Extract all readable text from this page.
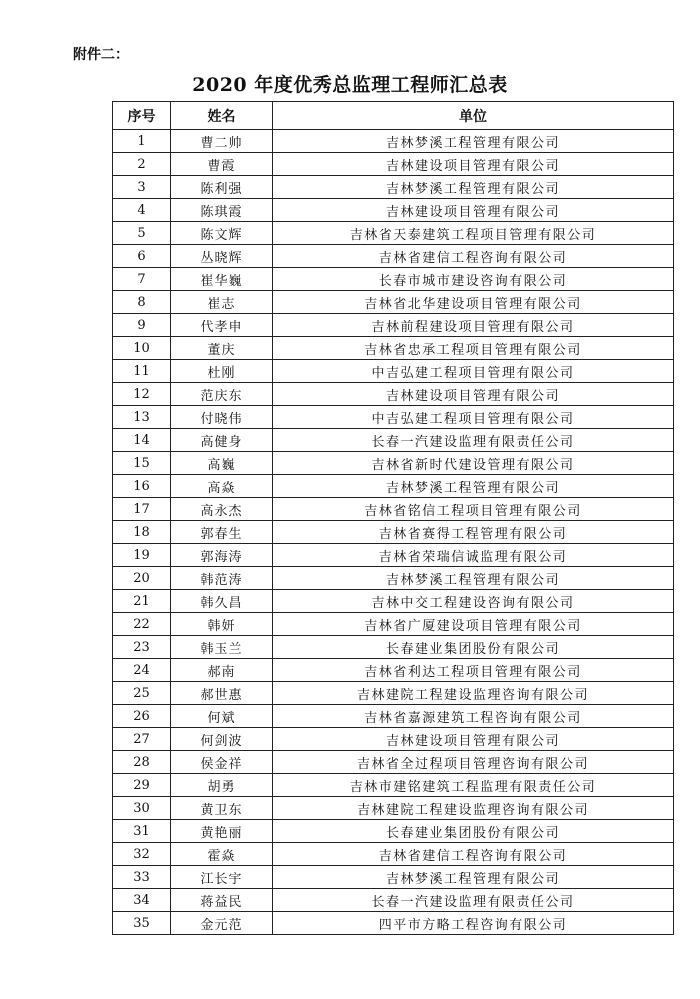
附件二：
2020 年度优秀总监理工程师汇总表
序号	姓名	单位
1	曹二帅	吉林梦溪工程管理有限公司
2	曹霞	吉林建设项目管理有限公司
3	陈利强	吉林梦溪工程管理有限公司
4	陈琪霞	吉林建设项目管理有限公司
5	陈文辉	吉林省天泰建筑工程项目管理有限公司
6	丛晓辉	吉林省建信工程咨询有限公司
7	崔华巍	长春市城市建设咨询有限公司
8	崔志	吉林省北华建设项目管理有限公司
9	代孝申	吉林前程建设项目管理有限公司
10	董庆	吉林省忠承工程项目管理有限公司
11	杜刚	中吉弘建工程项目管理有限公司
12	范庆东	吉林建设项目管理有限公司
13	付晓伟	中吉弘建工程项目管理有限公司
14	高健身	长春一汽建设监理有限责任公司
15	高巍	吉林省新时代建设管理有限公司
16	高焱	吉林梦溪工程管理有限公司
17	高永杰	吉林省铭信工程项目管理有限公司
18	郭春生	吉林省赛得工程管理有限公司
19	郭海涛	吉林省荣瑞信诚监理有限公司
20	韩范涛	吉林梦溪工程管理有限公司
21	韩久昌	吉林中交工程建设咨询有限公司
22	韩妍	吉林省广厦建设项目管理有限公司
23	韩玉兰	长春建业集团股份有限公司
24	郝南	吉林省利达工程项目管理有限公司
25	郝世惠	吉林建院工程建设监理咨询有限公司
26	何斌	吉林省嘉源建筑工程咨询有限公司
27	何剑波	吉林建设项目管理有限公司
28	侯金祥	吉林省全过程项目管理咨询有限公司
29	胡勇	吉林市建铭建筑工程监理有限责任公司
30	黄卫东	吉林建院工程建设监理咨询有限公司
31	黄艳丽	长春建业集团股份有限公司
32	霍焱	吉林省建信工程咨询有限公司
33	江长宇	吉林梦溪工程管理有限公司
34	蒋益民	长春一汽建设监理有限责任公司
35	金元范	四平市方略工程咨询有限公司
